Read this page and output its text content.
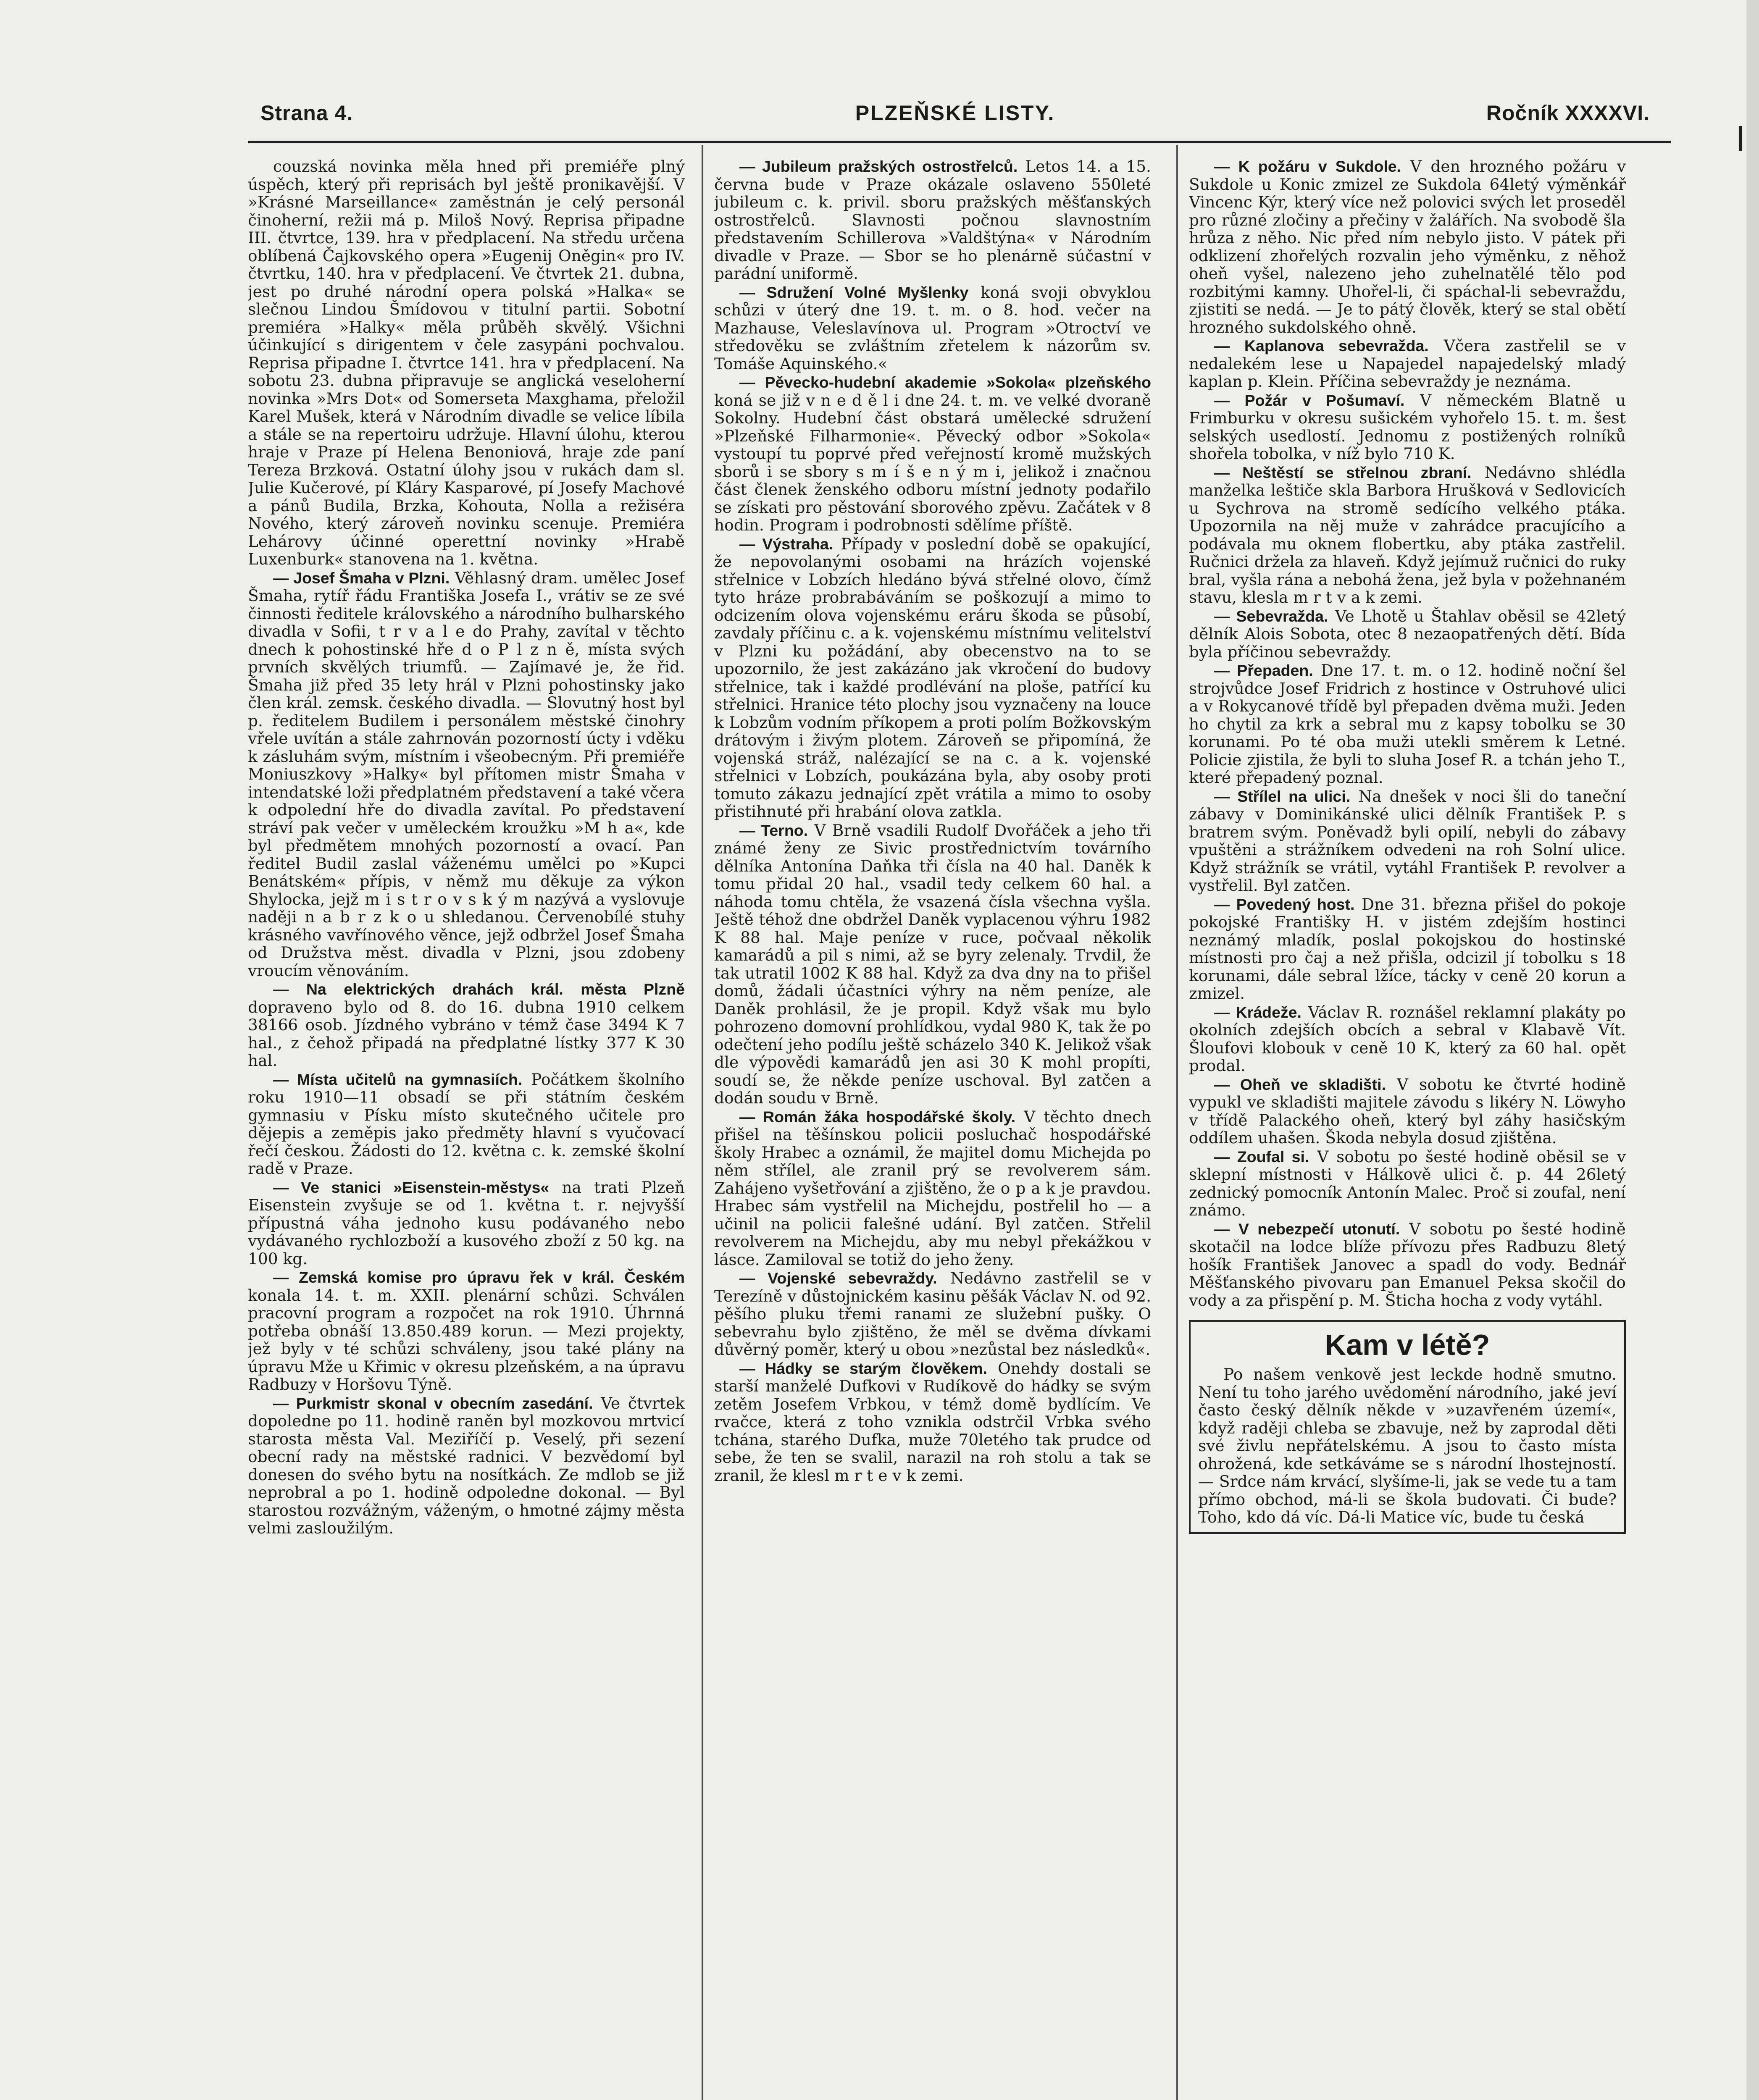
Strana 4.	PLZEŇSKÉ LISTY.	Ročník XXXXVI.

couzská novinka měla hned při premiéře plný úspěch, který při reprisách byl ještě pronikavější. V »Krásné Marseillance« zaměstnán je celý personál činoherní, režii má p. Miloš Nový. Reprisa připadne III. čtvrtce, 139. hra v předplacení. Na středu určena oblíbená Čajkovského opera »Eugenij Oněgin« pro IV. čtvrtku, 140. hra v předplacení. Ve čtvrtek 21. dubna, jest po druhé národní opera polská »Halka« se slečnou Lindou Šmídovou v titulní partii. Sobotní premiéra »Halky« měla průběh skvělý. Všichni účinkující s dirigentem v čele zasypáni pochvalou. Reprisa připadne I. čtvrtce 141. hra v předplacení. Na sobotu 23. dubna připravuje se anglická veseloherní novinka »Mrs Dot« od Somerseta Maxghama, přeložil Karel Mušek, která v Národním divadle se velice líbila a stále se na repertoiru udržuje. Hlavní úlohu, kterou hraje v Praze pí Helena Benoniová, hraje zde paní Tereza Brzková. Ostatní úlohy jsou v rukách dam sl. Julie Kučerové, pí Kláry Kasparové, pí Josefy Machové a pánů Budila, Brzka, Kohouta, Nolla a režiséra Nového, který zároveň novinku scenuje. Premiéra Lehárovy účinné operettní novinky »Hrabě Luxenburk« stanovena na 1. května.

— Josef Šmaha v Plzni. Věhlasný dram. umělec Josef Šmaha, rytíř řádu Františka Josefa I., vrátiv se ze své činnosti ředitele královského a národního bulharského divadla v Sofii, t r v a l e do Prahy, zavítal v těchto dnech k pohostinské hře d o P l z n ě, místa svých prvních skvělých triumfů. — Zajímavé je, že řid. Šmaha již před 35 lety hrál v Plzni pohostinsky jako člen král. zemsk. českého divadla. — Slovutný host byl p. ředitelem Budilem i personálem městské činohry vřele uvítán a stále zahrnován pozorností úcty i vděku k zásluhám svým, místním i všeobecným. Při premiéře Moniuszkovy »Halky« byl přítomen mistr Šmaha v intendatské loži předplatném představení a také včera k odpolední hře do divadla zavítal. Po představení stráví pak večer v uměleckém kroužku »M h a«, kde byl předmětem mnohých pozorností a ovací. Pan ředitel Budil zaslal váženému umělci po »Kupci Benátském« přípis, v němž mu děkuje za výkon Shylocka, jejž m i s t r o v s k ý m nazývá a vyslovuje naději n a b r z k o u shledanou. Červenobílé stuhy krásného vavřínového věnce, jejž odbržel Josef Šmaha od Družstva měst. divadla v Plzni, jsou zdobeny vroucím věnováním.

— Na elektrických drahách král. města Plzně dopraveno bylo od 8. do 16. dubna 1910 celkem 38166 osob. Jízdného vybráno v témž čase 3494 K 7 hal., z čehož připadá na předplatné lístky 377 K 30 hal.

— Místa učitelů na gymnasiích. Počátkem školního roku 1910—11 obsadí se při státním českém gymnasiu v Písku místo skutečného učitele pro dějepis a zeměpis jako předměty hlavní s vyučovací řečí českou. Žádosti do 12. května c. k. zemské školní radě v Praze.

— Ve stanici »Eisenstein-městys« na trati Plzeň Eisenstein zvyšuje se od 1. května t. r. nejvyšší přípustná váha jednoho kusu podávaného nebo vydávaného rychlozboží a kusového zboží z 50 kg. na 100 kg.

— Zemská komise pro úpravu řek v král. Českém konala 14. t. m. XXII. plenární schůzi. Schválen pracovní program a rozpočet na rok 1910. Úhrnná potřeba obnáší 13.850.489 korun. — Mezi projekty, jež byly v té schůzi schváleny, jsou také plány na úpravu Mže u Křimic v okresu plzeňském, a na úpravu Radbuzy v Horšovu Týně.

— Purkmistr skonal v obecním zasedání. Ve čtvrtek dopoledne po 11. hodině raněn byl mozkovou mrtvicí starosta města Val. Meziříčí p. Veselý, při sezení obecní rady na městské radnici. V bezvědomí byl donesen do svého bytu na nosítkách. Ze mdlob se již neprobral a po 1. hodině odpoledne dokonal. — Byl starostou rozvážným, váženým, o hmotné zájmy města velmi zasloužilým.

— Jubileum pražských ostrostřelců. Letos 14. a 15. června bude v Praze okázale oslaveno 550leté jubileum c. k. privil. sboru pražských měšťanských ostrostřelců. Slavnosti počnou slavnostním představením Schillerova »Valdštýna« v Národním divadle v Praze. — Sbor se ho plenárně súčastní v parádní uniformě.

— Sdružení Volné Myšlenky koná svoji obvyklou schůzi v úterý dne 19. t. m. o 8. hod. večer na Mazhause, Veleslavínova ul. Program »Otroctví ve středověku se zvláštním zřetelem k názorům sv. Tomáše Aquinského.«

— Pěvecko-hudební akademie »Sokola« plzeňského koná se již v n e d ě l i dne 24. t. m. ve velké dvoraně Sokolny. Hudební část obstará umělecké sdružení »Plzeňské Filharmonie«. Pěvecký odbor »Sokola« vystoupí tu poprvé před veřejností kromě mužských sborů i se sbory s m í š e n ý m i, jelikož i značnou část členek ženského odboru místní jednoty podařilo se získati pro pěstování sborového zpěvu. Začátek v 8 hodin. Program i podrobnosti sdělíme příště.

— Výstraha. Případy v poslední době se opakující, že nepovolanými osobami na hrázích vojenské střelnice v Lobzích hledáno bývá střelné olovo, čímž tyto hráze probrabáváním se poškozují a mimo to odcizením olova vojenskému eráru škoda se působí, zavdaly příčinu c. a k. vojenskému místnímu velitelství v Plzni ku požádání, aby obecenstvo na to se upozornilo, že jest zakázáno jak vkročení do budovy střelnice, tak i každé prodlévání na ploše, patřící ku střelnici. Hranice této plochy jsou vyznačeny na louce k Lobzům vodním příkopem a proti polím Božkovským drátovým i živým plotem. Zároveň se připomíná, že vojenská stráž, nalézající se na c. a k. vojenské střelnici v Lobzích, poukázána byla, aby osoby proti tomuto zákazu jednající zpět vrátila a mimo to osoby přistihnuté při hrabání olova zatkla.

— Terno. V Brně vsadili Rudolf Dvořáček a jeho tři známé ženy ze Sivic prostřednictvím továrního dělníka Antonína Daňka tři čísla na 40 hal. Daněk k tomu přidal 20 hal., vsadil tedy celkem 60 hal. a náhoda tomu chtěla, že vsazená čísla všechna vyšla. Ještě téhož dne obdržel Daněk vyplacenou výhru 1982 K 88 hal. Maje peníze v ruce, počvaal několik kamarádů a pil s nimi, až se byry zelenaly. Trvdil, že tak utratil 1002 K 88 hal. Když za dva dny na to přišel domů, žádali účastníci výhry na něm peníze, ale Daněk prohlásil, že je propil. Když však mu bylo pohrozeno domovní prohlídkou, vydal 980 K, tak že po odečtení jeho podílu ještě scházelo 340 K. Jelikož však dle výpovědi kamarádů jen asi 30 K mohl propíti, soudí se, že někde peníze uschoval. Byl zatčen a dodán soudu v Brně.

— Román žáka hospodářské školy. V těchto dnech přišel na těšínskou policii posluchač hospodářské školy Hrabec a oznámil, že majitel domu Michejda po něm střílel, ale zranil prý se revolverem sám. Zahájeno vyšetřování a zjištěno, že o p a k je pravdou. Hrabec sám vystřelil na Michejdu, postřelil ho — a učinil na policii falešné udání. Byl zatčen. Střelil revolverem na Michejdu, aby mu nebyl překážkou v lásce. Zamiloval se totiž do jeho ženy.

— Vojenské sebevraždy. Nedávno zastřelil se v Terezíně v důstojnickém kasinu pěšák Václav N. od 92. pěšího pluku třemi ranami ze služební pušky. O sebevrahu bylo zjištěno, že měl se dvěma dívkami důvěrný poměr, který u obou »nezůstal bez následků«.

— Hádky se starým člověkem. Onehdy dostali se starší manželé Dufkovi v Rudíkově do hádky se svým zetěm Josefem Vrbkou, v témž domě bydlícím. Ve rvačce, která z toho vznikla odstrčil Vrbka svého tchána, starého Dufka, muže 70letého tak prudce od sebe, že ten se svalil, narazil na roh stolu a tak se zranil, že klesl m r t e v k zemi.

— K požáru v Sukdole. V den hrozného požáru v Sukdole u Konic zmizel ze Sukdola 64letý výměnkář Vincenc Kýr, který více než polovici svých let proseděl pro různé zločiny a přečiny v žalářích. Na svobodě šla hrůza z něho. Nic před ním nebylo jisto. V pátek při odklizení zhořelých rozvalin jeho výměnku, z něhož oheň vyšel, nalezeno jeho zuhelnatělé tělo pod rozbitými kamny. Uhořel-li, či spáchal-li sebevraždu, zjistiti se nedá. — Je to pátý člověk, který se stal obětí hrozného sukdolského ohně.

— Kaplanova sebevražda. Včera zastřelil se v nedalekém lese u Napajedel napajedelský mladý kaplan p. Klein. Příčina sebevraždy je neznáma.

— Požár v Pošumaví. V německém Blatně u Frimburku v okresu sušickém vyhořelo 15. t. m. šest selských usedlostí. Jednomu z postižených rolníků shořela tobolka, v níž bylo 710 K.

— Neštěstí se střelnou zbraní. Nedávno shlédla manželka leštiče skla Barbora Hrušková v Sedlovicích u Sychrova na stromě sedícího velkého ptáka. Upozornila na něj muže v zahrádce pracujícího a podávala mu oknem flobertku, aby ptáka zastřelil. Ručnici držela za hlaveň. Když jejímuž ručnici do ruky bral, vyšla rána a nebohá žena, jež byla v požehnaném stavu, klesla m r t v a k zemi.

— Sebevražda. Ve Lhotě u Štahlav oběsil se 42letý dělník Alois Sobota, otec 8 nezaopatřených dětí. Bída byla příčinou sebevraždy.

— Přepaden. Dne 17. t. m. o 12. hodině noční šel strojvůdce Josef Fridrich z hostince v Ostruhové ulici a v Rokycanové třídě byl přepaden dvěma muži. Jeden ho chytil za krk a sebral mu z kapsy tobolku se 30 korunami. Po té oba muži utekli směrem k Letné. Policie zjistila, že byli to sluha Josef R. a tchán jeho T., které přepadený poznal.

— Střílel na ulici. Na dnešek v noci šli do taneční zábavy v Dominikánské ulici dělník František P. s bratrem svým. Poněvadž byli opilí, nebyli do zábavy vpuštěni a strážníkem odvedeni na roh Solní ulice. Když strážník se vrátil, vytáhl František P. revolver a vystřelil. Byl zatčen.

— Povedený host. Dne 31. března přišel do pokoje pokojské Františky H. v jistém zdejším hostinci neznámý mladík, poslal pokojskou do hostinské místnosti pro čaj a než přišla, odcizil jí tobolku s 18 korunami, dále sebral lžíce, tácky v ceně 20 korun a zmizel.

— Krádeže. Václav R. roznášel reklamní plakáty po okolních zdejších obcích a sebral v Klabavě Vít. Šloufovi klobouk v ceně 10 K, který za 60 hal. opět prodal.

— Oheň ve skladišti. V sobotu ke čtvrté hodině vypukl ve skladišti majitele závodu s likéry N. Löwyho v třídě Palackého oheň, který byl záhy hasičským oddílem uhašen. Škoda nebyla dosud zjištěna.

— Zoufal si. V sobotu po šesté hodině oběsil se v sklepní místnosti v Hálkově ulici č. p. 44 26letý zednický pomocník Antonín Malec. Proč si zoufal, není známo.

— V nebezpečí utonutí. V sobotu po šesté hodině skotačil na lodce blíže přívozu přes Radbuzu 8letý hošík František Janovec a spadl do vody. Bednář Měšťanského pivovaru pan Emanuel Peksa skočil do vody a za přispění p. M. Šticha hocha z vody vytáhl.

Kam v létě?
Po našem venkově jest leckde hodně smutno. Není tu toho jarého uvědomění národního, jaké jeví často český dělník někde v »uzavřeném území«, když raději chleba se zbavuje, než by zaprodal děti své živlu nepřátelskému. A jsou to často místa ohrožená, kde setkáváme se s národní lhostejností. — Srdce nám krvácí, slyšíme-li, jak se vede tu a tam přímo obchod, má-li se škola budovati. Či bude? Toho, kdo dá víc. Dá-li Matice víc, bude tu česká
